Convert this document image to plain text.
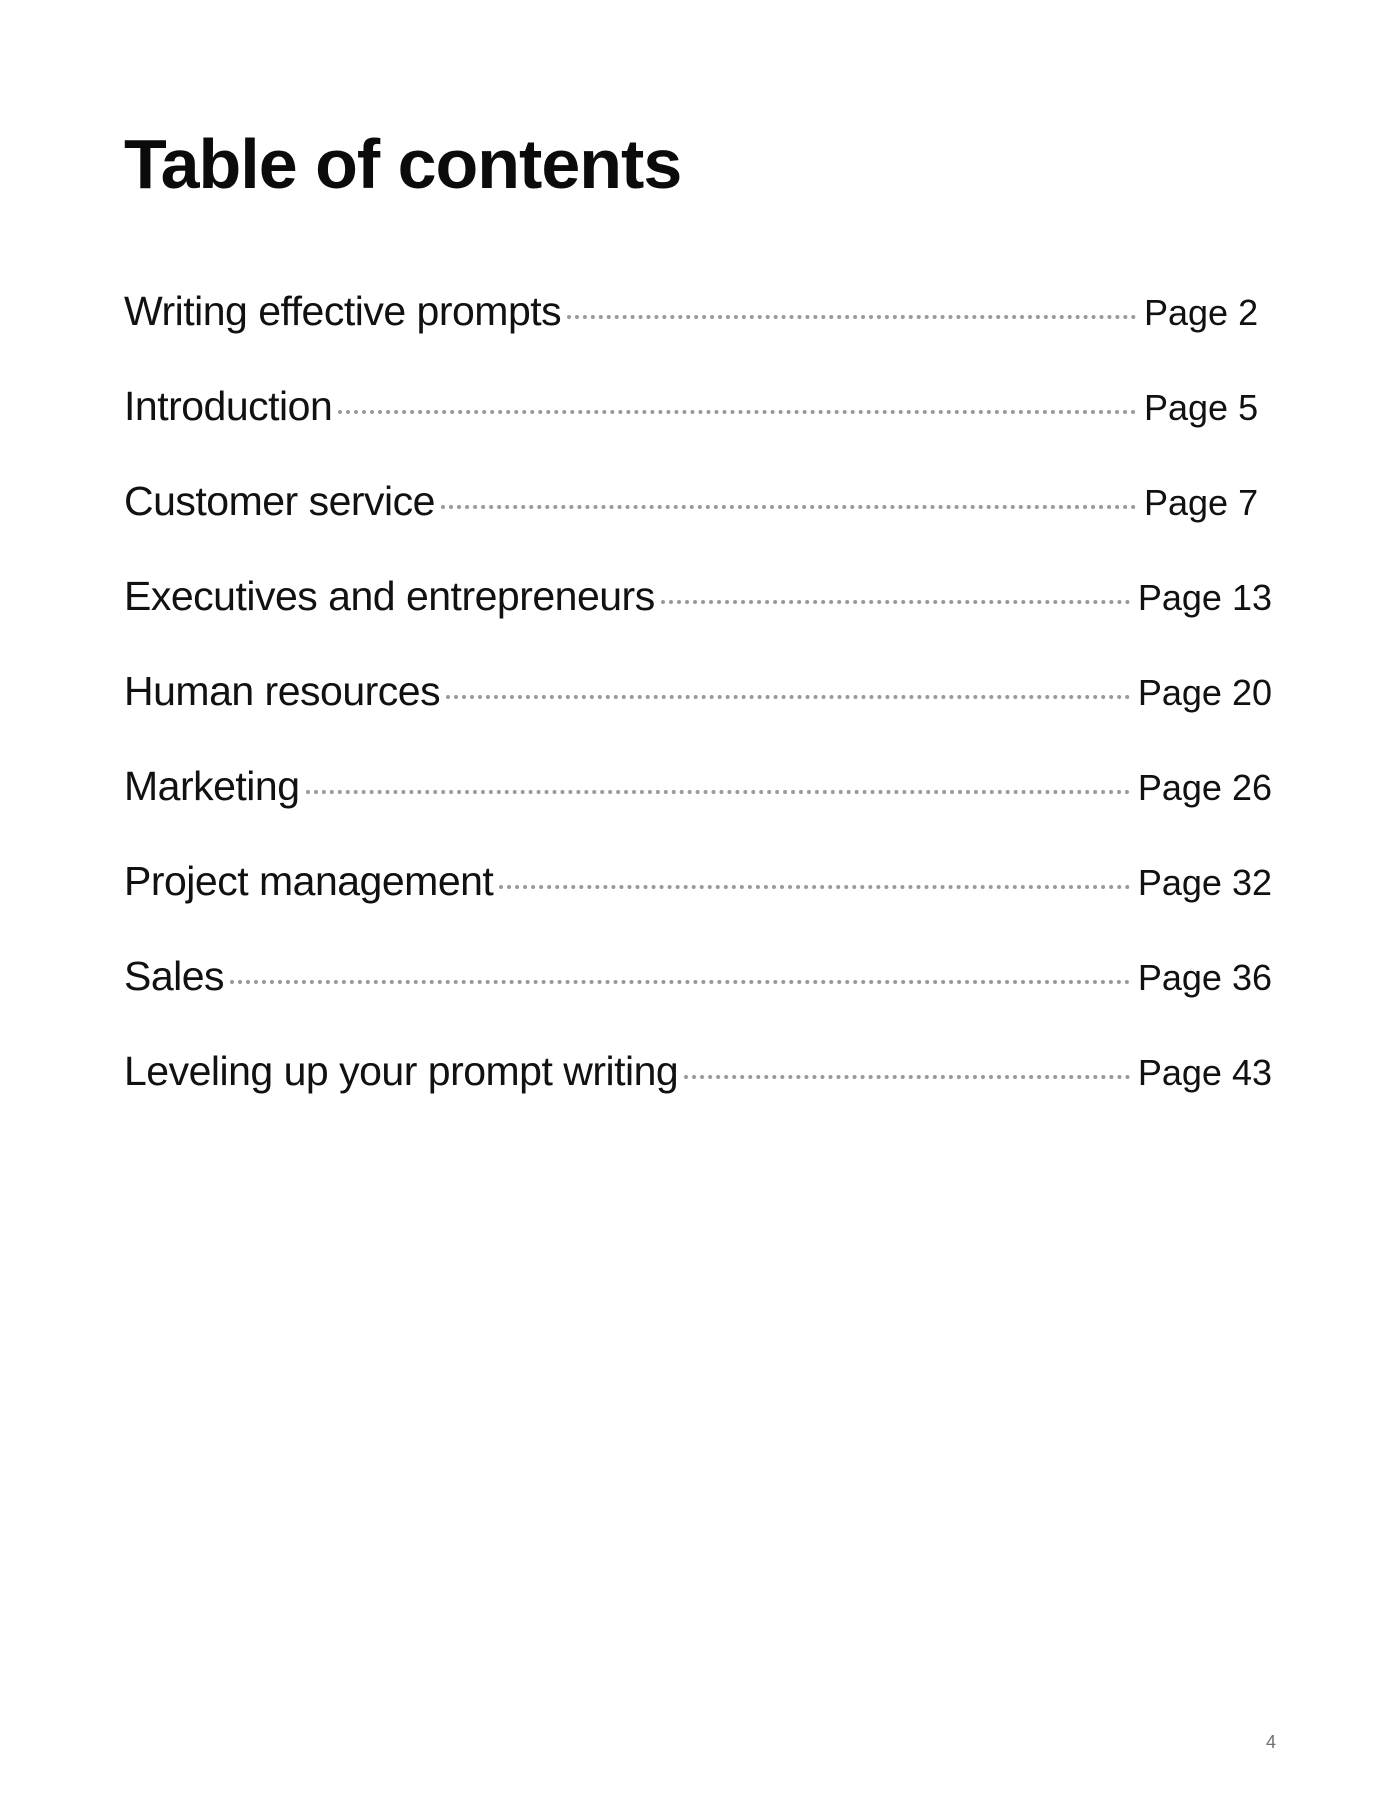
Table of contents
Writing effective prompts	Page 2
Introduction	Page 5
Customer service	Page 7
Executives and entrepreneurs	Page 13
Human resources	Page 20
Marketing	Page 26
Project management	Page 32
Sales	Page 36
Leveling up your prompt writing	Page 43
4
